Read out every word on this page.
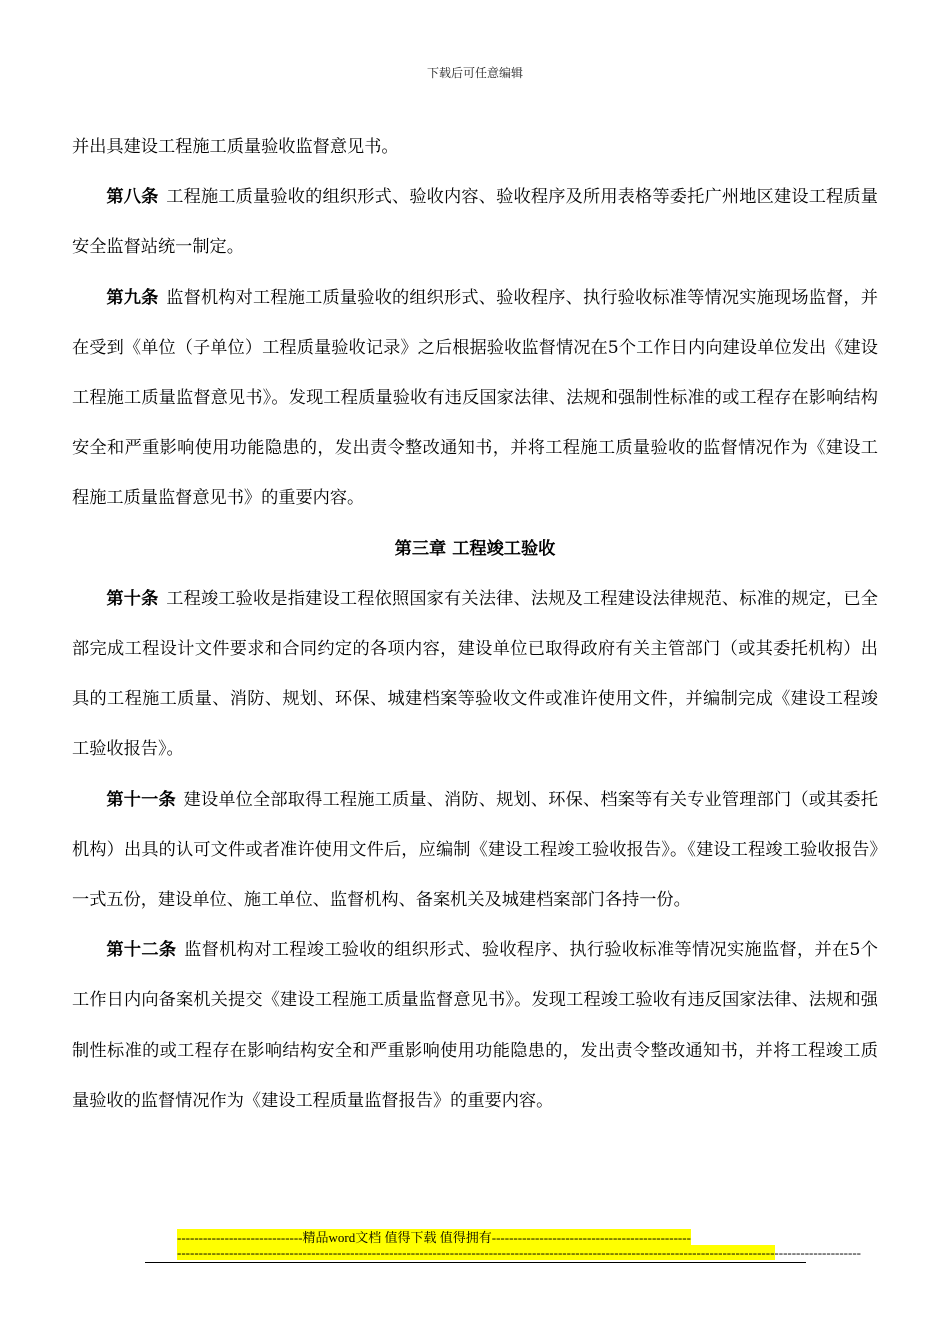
下载后可任意编辑

并出具建设工程施工质量验收监督意见书。

第八条 工程施工质量验收的组织形式、验收内容、验收程序及所用表格等委托广州地区建设工程质量安全监督站统一制定。

第九条 监督机构对工程施工质量验收的组织形式、验收程序、执行验收标准等情况实施现场监督，并在受到《单位（子单位）工程质量验收记录》之后根据验收监督情况在5个工作日内向建设单位发出《建设工程施工质量监督意见书》。发现工程质量验收有违反国家法律、法规和强制性标准的或工程存在影响结构安全和严重影响使用功能隐患的，发出责令整改通知书，并将工程施工质量验收的监督情况作为《建设工程施工质量监督意见书》的重要内容。

第三章 工程竣工验收

第十条 工程竣工验收是指建设工程依照国家有关法律、法规及工程建设法律规范、标准的规定，已全部完成工程设计文件要求和合同约定的各项内容，建设单位已取得政府有关主管部门（或其委托机构）出具的工程施工质量、消防、规划、环保、城建档案等验收文件或准许使用文件，并编制完成《建设工程竣工验收报告》。

第十一条 建设单位全部取得工程施工质量、消防、规划、环保、档案等有关专业管理部门（或其委托机构）出具的认可文件或者准许使用文件后，应编制《建设工程竣工验收报告》。《建设工程竣工验收报告》一式五份，建设单位、施工单位、监督机构、备案机关及城建档案部门各持一份。

第十二条 监督机构对工程竣工验收的组织形式、验收程序、执行验收标准等情况实施监督，并在5个工作日内向备案机关提交《建设工程施工质量监督意见书》。发现工程竣工验收有违反国家法律、法规和强制性标准的或工程存在影响结构安全和严重影响使用功能隐患的，发出责令整改通知书，并将工程竣工质量验收的监督情况作为《建设工程质量监督报告》的重要内容。

-----------------------------精品word文档 值得下载 值得拥有----------------------------------------------
--------------------------------------------------------------------------------------------------------------------------------------------------------------
